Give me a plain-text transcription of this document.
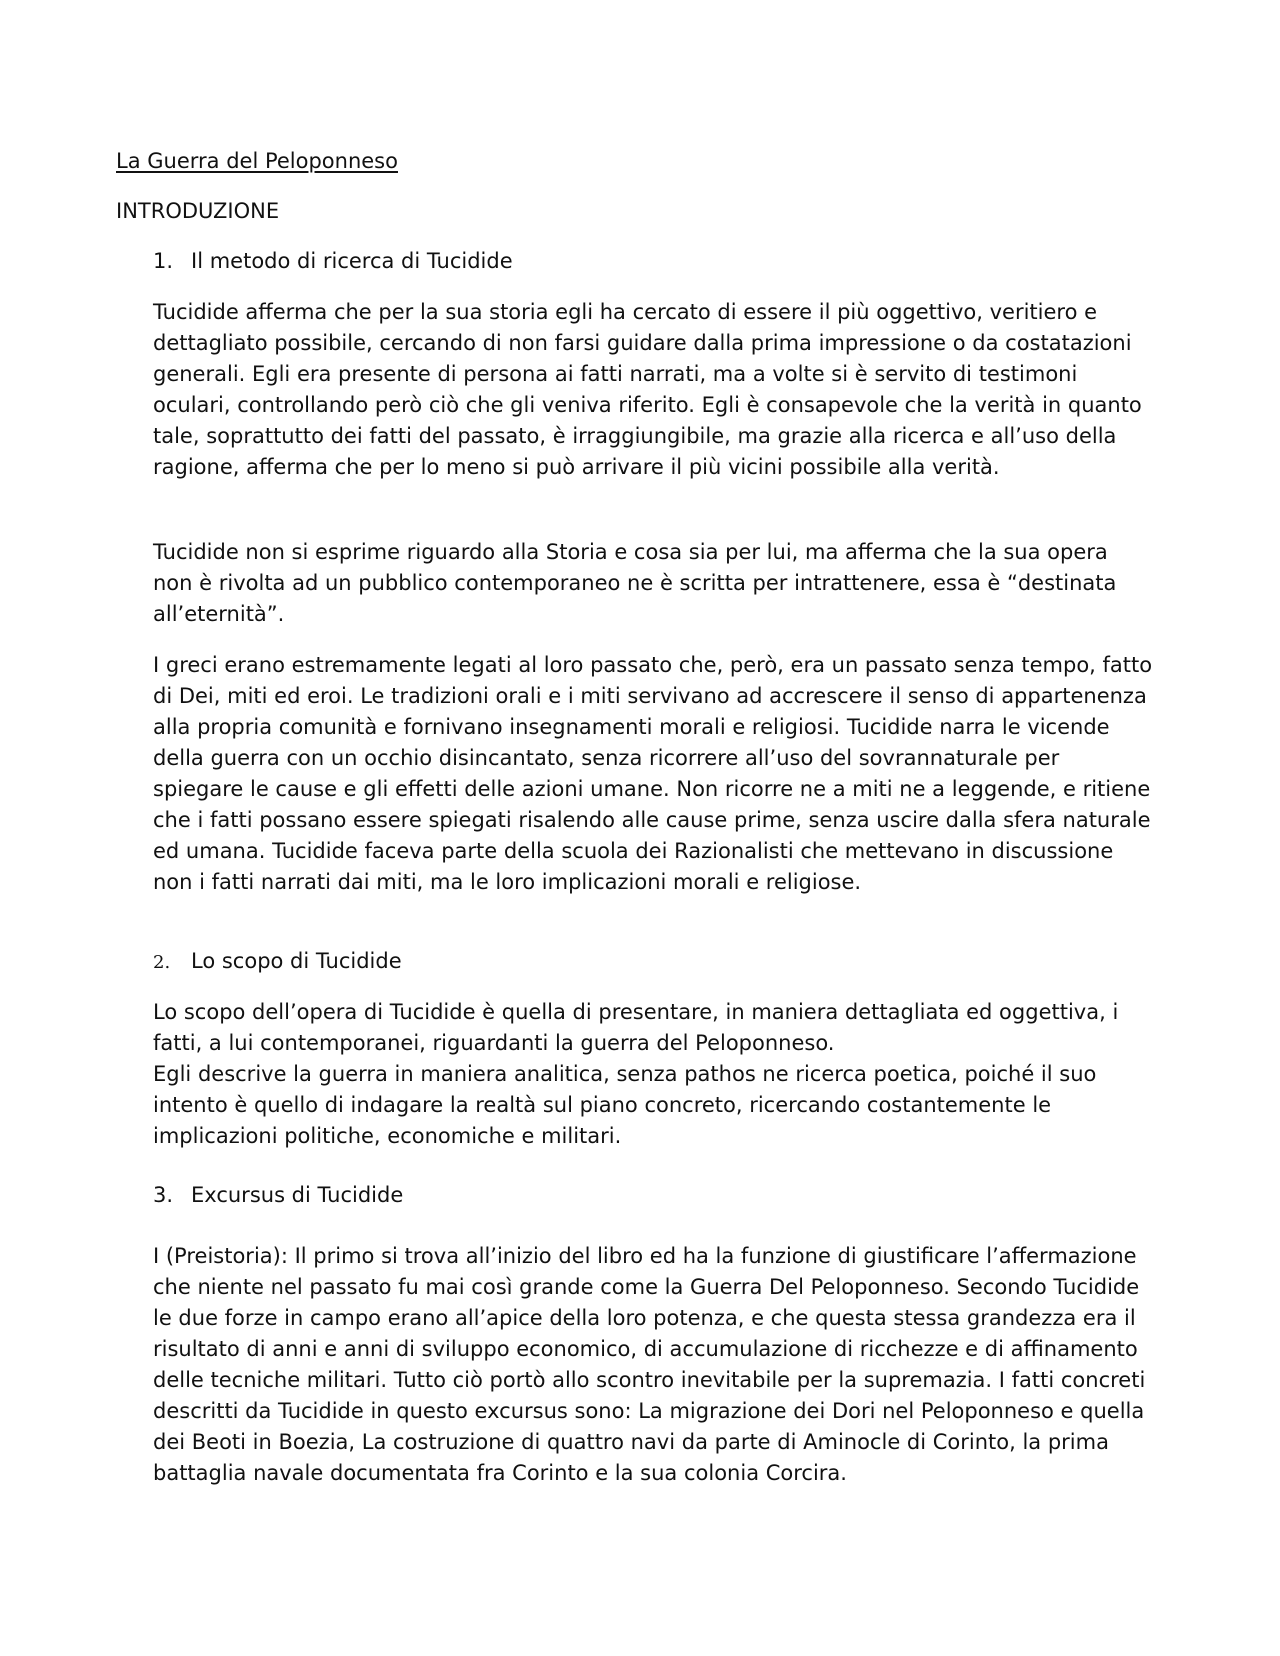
La Guerra del Peloponneso
INTRODUZIONE
1. Il metodo di ricerca di Tucidide

Tucidide afferma che per la sua storia egli ha cercato di essere il più oggettivo, veritiero e dettagliato possibile, cercando di non farsi guidare dalla prima impressione o da costatazioni generali. Egli era presente di persona ai fatti narrati, ma a volte si è servito di testimoni oculari, controllando però ciò che gli veniva riferito. Egli è consapevole che la verità in quanto tale, soprattutto dei fatti del passato, è irraggiungibile, ma grazie alla ricerca e all’uso della ragione, afferma che per lo meno si può arrivare il più vicini possibile alla verità.

Tucidide non si esprime riguardo alla Storia e cosa sia per lui, ma afferma che la sua opera non è rivolta ad un pubblico contemporaneo ne è scritta per intrattenere, essa è “destinata all’eternità”.

I greci erano estremamente legati al loro passato che, però, era un passato senza tempo, fatto di Dei, miti ed eroi. Le tradizioni orali e i miti servivano ad accrescere il senso di appartenenza alla propria comunità e fornivano insegnamenti morali e religiosi. Tucidide narra le vicende della guerra con un occhio disincantato, senza ricorrere all’uso del sovrannaturale per spiegare le cause e gli effetti delle azioni umane. Non ricorre ne a miti ne a leggende, e ritiene che i fatti possano essere spiegati risalendo alle cause prime, senza uscire dalla sfera naturale ed umana. Tucidide faceva parte della scuola dei Razionalisti che mettevano in discussione non i fatti narrati dai miti, ma le loro implicazioni morali e religiose.

2. Lo scopo di Tucidide

Lo scopo dell’opera di Tucidide è quella di presentare, in maniera dettagliata ed oggettiva, i fatti, a lui contemporanei, riguardanti la guerra del Peloponneso.

Egli descrive la guerra in maniera analitica, senza pathos ne ricerca poetica, poiché il suo intento è quello di indagare la realtà sul piano concreto, ricercando costantemente le implicazioni politiche, economiche e militari.

3. Excursus di Tucidide

I (Preistoria): Il primo si trova all’inizio del libro ed ha la funzione di giustificare l’affermazione che niente nel passato fu mai così grande come la Guerra Del Peloponneso. Secondo Tucidide le due forze in campo erano all’apice della loro potenza, e che questa stessa grandezza era il risultato di anni e anni di sviluppo economico, di accumulazione di ricchezze e di affinamento delle tecniche militari. Tutto ciò portò allo scontro inevitabile per la supremazia. I fatti concreti descritti da Tucidide in questo excursus sono: La migrazione dei Dori nel Peloponneso e quella dei Beoti in Boezia, La costruzione di quattro navi da parte di Aminocle di Corinto, la prima battaglia navale documentata fra Corinto e la sua colonia Corcira.
